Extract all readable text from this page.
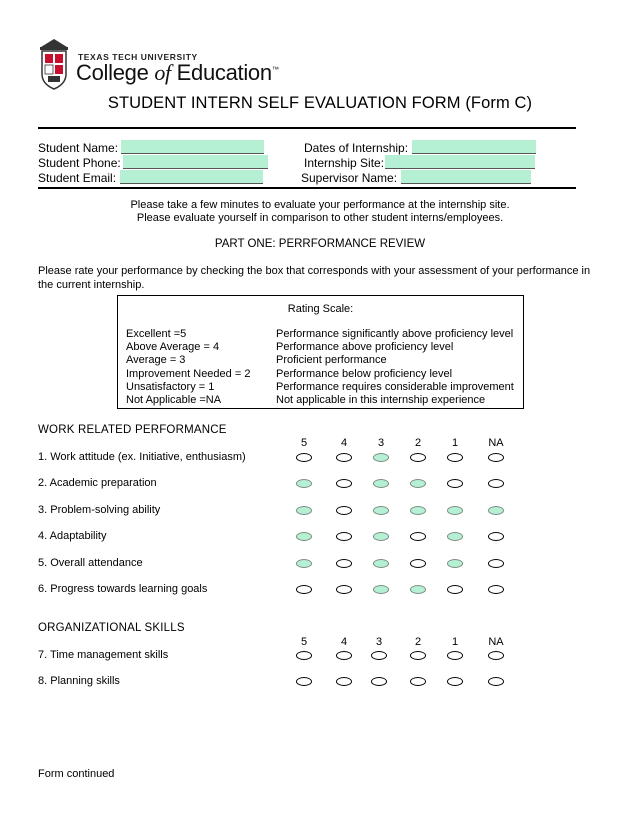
TEXAS TECH UNIVERSITY
College of Education™
STUDENT INTERN SELF EVALUATION FORM (Form C)
Student Name:
Student Phone:
Student Email:
Dates of Internship:
Internship Site:
Supervisor Name:
Please take a few minutes to evaluate your performance at the internship site.
Please evaluate yourself in comparison to other student interns/employees.
PART ONE: PERRFORMANCE REVIEW
Please rate your performance by checking the box that corresponds with your assessment of your performance in the current internship.
Rating Scale:
Excellent =5	Performance significantly above proficiency level
Above Average = 4	Performance above proficiency level
Average = 3	Proficient performance
Improvement Needed = 2 Performance below proficiency level
Unsatisfactory = 1	Performance requires considerable improvement
Not Applicable =NA	Not applicable in this internship experience
WORK RELATED PERFORMANCE
5	4	3	2	1	NA
1. Work attitude (ex. Initiative, enthusiasm)
2. Academic preparation
3. Problem-solving ability
4. Adaptability
5. Overall attendance
6. Progress towards learning goals
ORGANIZATIONAL SKILLS
5	4	3	2	1	NA
7. Time management skills
8. Planning skills
Form continued
